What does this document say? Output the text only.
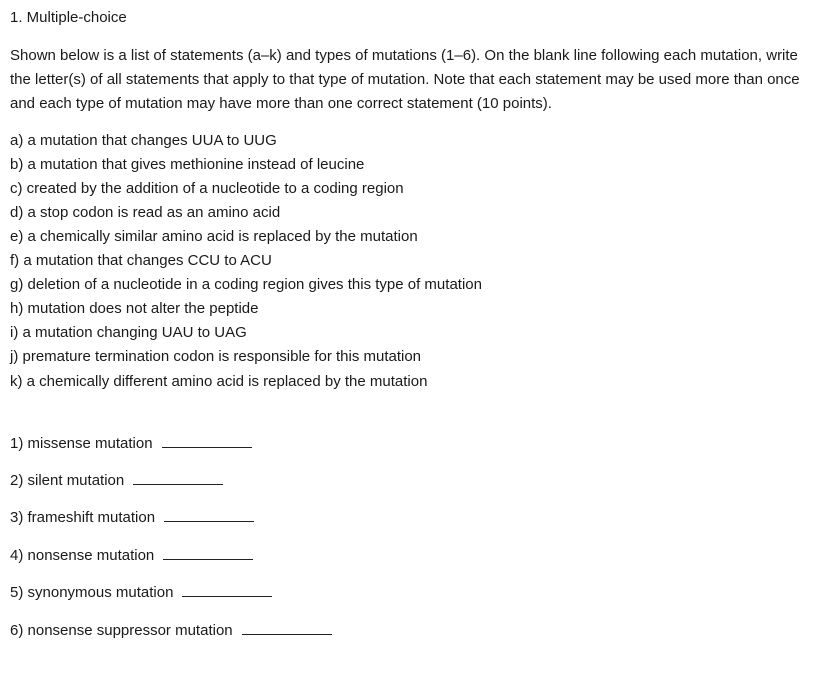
1. Multiple-choice

Shown below is a list of statements (a–k) and types of mutations (1–6). On the blank line following each mutation, write the letter(s) of all statements that apply to that type of mutation. Note that each statement may be used more than once and each type of mutation may have more than one correct statement (10 points).

a) a mutation that changes UUA to UUG
b) a mutation that gives methionine instead of leucine
c) created by the addition of a nucleotide to a coding region
d) a stop codon is read as an amino acid
e) a chemically similar amino acid is replaced by the mutation
f) a mutation that changes CCU to ACU
g) deletion of a nucleotide in a coding region gives this type of mutation
h) mutation does not alter the peptide
i) a mutation changing UAU to UAG
j) premature termination codon is responsible for this mutation
k) a chemically different amino acid is replaced by the mutation
1) missense mutation
2) silent mutation
3) frameshift mutation
4) nonsense mutation
5) synonymous mutation
6) nonsense suppressor mutation
